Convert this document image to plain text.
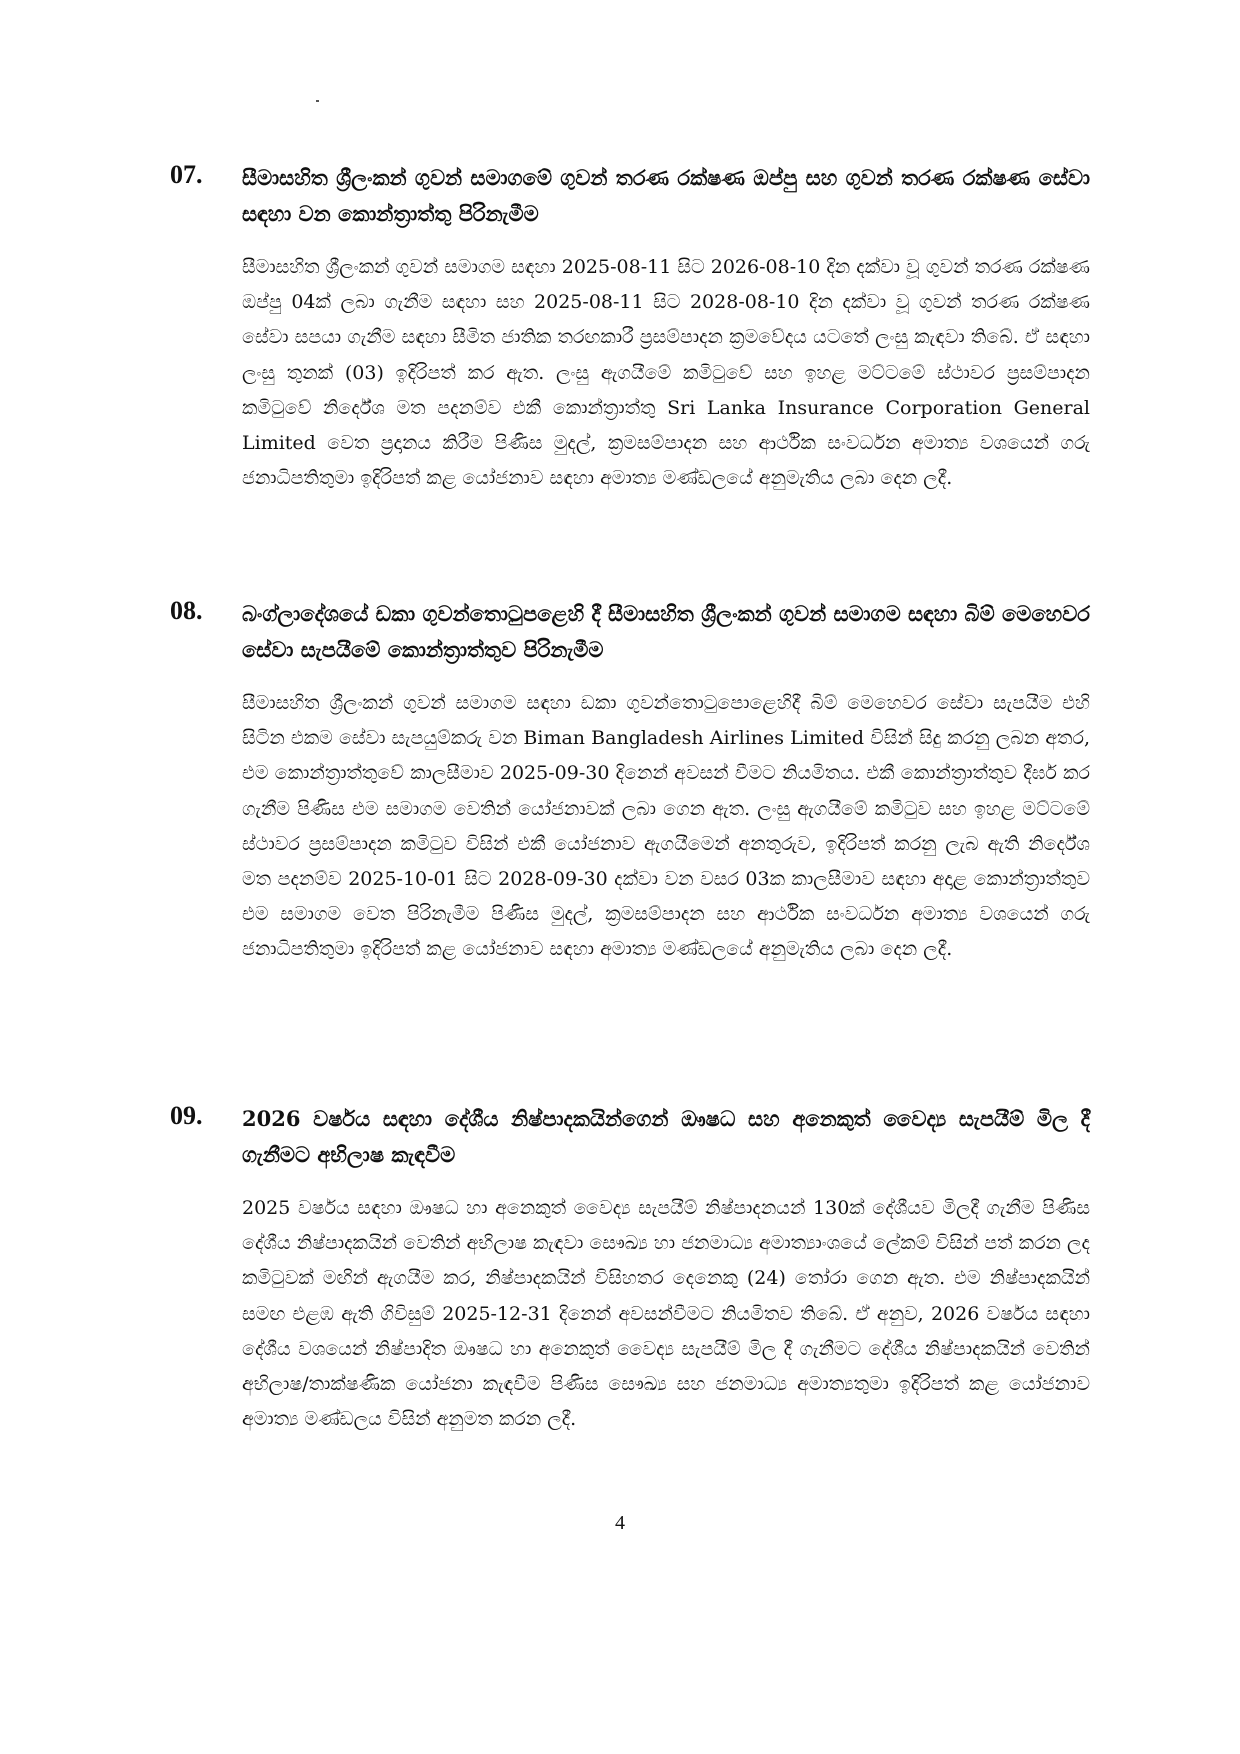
07. සීමාසහිත ශ්‍රීලංකන් ගුවන් සමාගමේ ගුවන් තරණ රක්ෂණ ඔප්පු සහ ගුවන් තරණ රක්ෂණ සේවා සඳහා වන කොන්ත්‍රාත්තු පිරිනැමීම
සීමාසහිත ශ්‍රීලංකන් ගුවන් සමාගම සඳහා 2025-08-11 සිට 2026-08-10 දින දක්වා වූ ගුවන් තරණ රක්ෂණ ඔප්පු 04ක් ලබා ගැනීම සඳහා සහ 2025-08-11 සිට 2028-08-10 දින දක්වා වූ ගුවන් තරණ රක්ෂණ සේවා සපයා ගැනීම සඳහා සීමිත ජාතික තරඟකාරී ප්‍රසම්පාදන ක්‍රමවේදය යටතේ ලංසු කැඳවා තිබේ. ඒ සඳහා ලංසු තුනක් (03) ඉදිරිපත් කර ඇත. ලංසු ඇගයීමේ කමිටුවේ සහ ඉහළ මට්ටමේ ස්ථාවර ප්‍රසම්පාදන කමිටුවේ නිර්දේශ මත පදනම්ව එකී කොන්ත්‍රාත්තු Sri Lanka Insurance Corporation General Limited වෙත ප්‍රදානය කිරීම පිණිස මුදල්, ක්‍රමසම්පාදන සහ ආර්ථික සංවර්ධන අමාත්‍ය වශයෙන් ගරු ජනාධිපතිතුමා ඉදිරිපත් කළ යෝජනාව සඳහා අමාත්‍ය මණ්ඩලයේ අනුමැතිය ලබා දෙන ලදී.
08. බංග්ලාදේශයේ ඩකා ගුවන්තොටුපළෙහි දී සීමාසහිත ශ්‍රීලංකන් ගුවන් සමාගම සඳහා බිම් මෙහෙවර සේවා සැපයීමේ කොන්ත්‍රාත්තුව පිරිනැමීම
සීමාසහිත ශ්‍රීලංකන් ගුවන් සමාගම සඳහා ඩකා ගුවන්තොටුපොළෙහිදී බිම් මෙහෙවර සේවා සැපයීම එහි සිටින එකම සේවා සැපයුම්කරු වන Biman Bangladesh Airlines Limited විසින් සිදු කරනු ලබන අතර, එම කොන්ත්‍රාත්තුවේ කාලසීමාව 2025-09-30 දිනෙන් අවසන් වීමට නියමිතය. එකී කොන්ත්‍රාත්තුව දීර්ඝ කර ගැනීම පිණිස එම සමාගම වෙතින් යෝජනාවක් ලබා ගෙන ඇත. ලංසු ඇගයීමේ කමිටුව සහ ඉහළ මට්ටමේ ස්ථාවර ප්‍රසම්පාදන කමිටුව විසින් එකී යෝජනාව ඇගයීමෙන් අනතුරුව, ඉදිරිපත් කරනු ලැබ ඇති නිර්දේශ මත පදනම්ව 2025-10-01 සිට 2028-09-30 දක්වා වන වසර 03ක කාලසීමාව සඳහා අදාළ කොන්ත්‍රාත්තුව එම සමාගම වෙත පිරිනැමීම පිණිස මුදල්, ක්‍රමසම්පාදන සහ ආර්ථික සංවර්ධන අමාත්‍ය වශයෙන් ගරු ජනාධිපතිතුමා ඉදිරිපත් කළ යෝජනාව සඳහා අමාත්‍ය මණ්ඩලයේ අනුමැතිය ලබා දෙන ලදී.
09. 2026 වර්ෂය සඳහා දේශීය නිෂ්පාදකයින්ගෙන් ඖෂධ සහ අනෙකුත් වෛද්‍ය සැපයීම් මිල දී ගැනීමට අභිලාෂ කැඳවීම
2025 වර්ෂය සඳහා ඖෂධ හා අනෙකුත් වෛද්‍ය සැපයීම් නිෂ්පාදනයන් 130ක් දේශීයව මිලදී ගැනීම පිණිස දේශීය නිෂ්පාදකයින් වෙතින් අභිලාෂ කැඳවා සෞඛ්‍ය හා ජනමාධ්‍ය අමාත්‍යාංශයේ ලේකම් විසින් පත් කරන ලද කමිටුවක් මඟින් ඇගයීම කර, නිෂ්පාදකයින් විසිහතර දෙනෙකු (24) තෝරා ගෙන ඇත. එම නිෂ්පාදකයින් සමඟ එළඹ ඇති ගිවිසුම් 2025-12-31 දිනෙන් අවසන්වීමට නියමිතව තිබේ. ඒ අනුව, 2026 වර්ෂය සඳහා දේශීය වශයෙන් නිෂ්පාදිත ඖෂධ හා අනෙකුත් වෛද්‍ය සැපයීම් මිල දී ගැනීමට දේශීය නිෂ්පාදකයින් වෙතින් අභිලාෂ/තාක්ෂණික යෝජනා කැඳවීම පිණිස සෞඛ්‍ය සහ ජනමාධ්‍ය අමාත්‍යතුමා ඉදිරිපත් කළ යෝජනාව අමාත්‍ය මණ්ඩලය විසින් අනුමත කරන ලදී.
4
